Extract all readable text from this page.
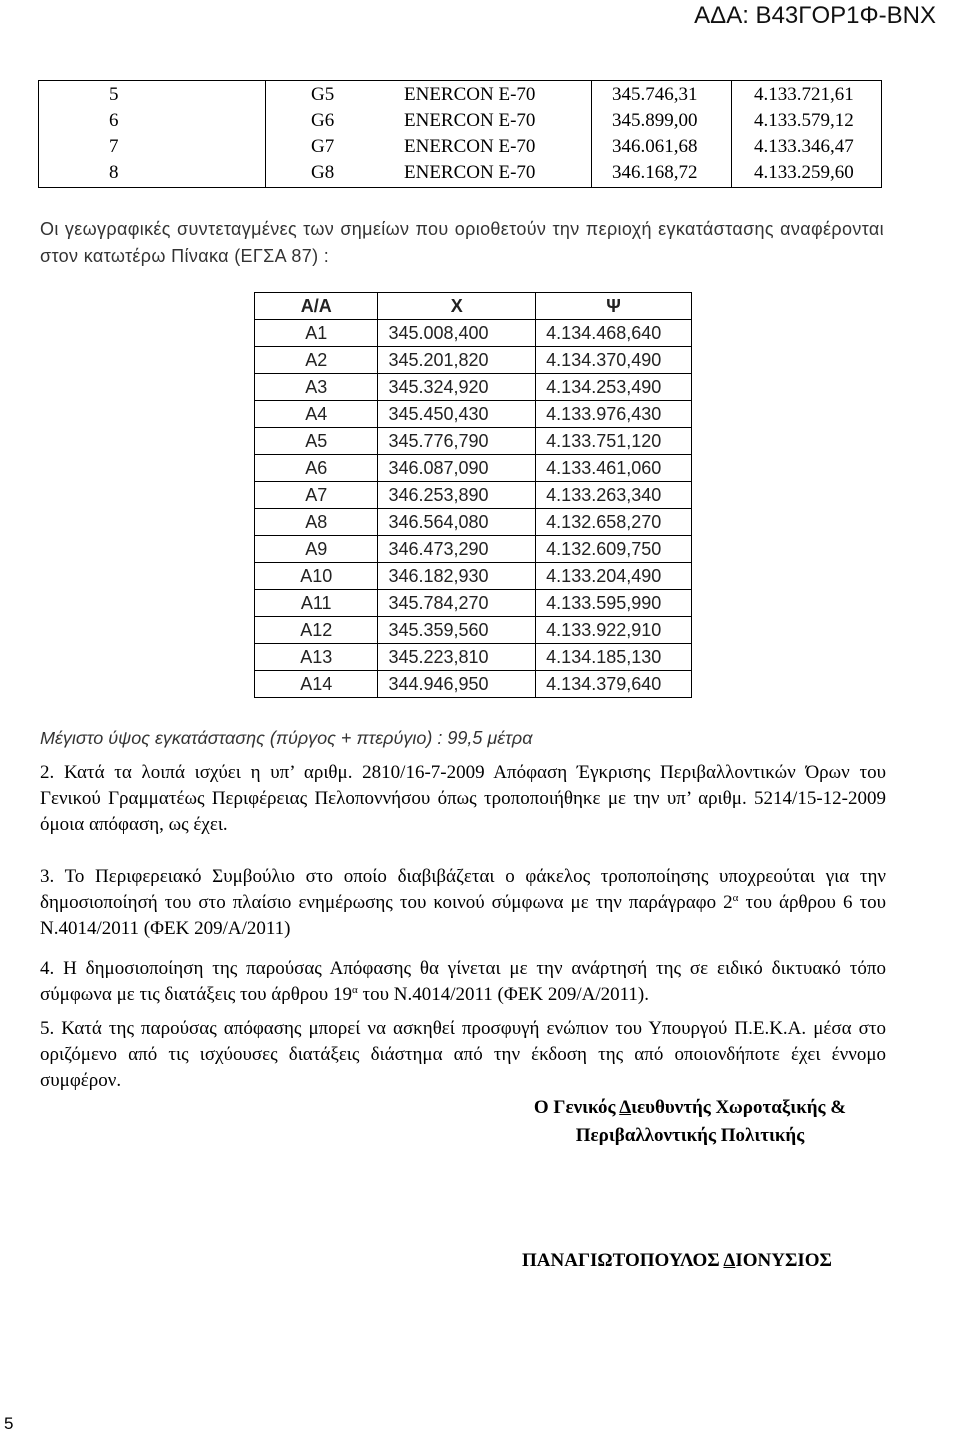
ΑΔΑ: Β43ΓΟΡ1Φ-ΒΝΧ
5	G5	ENERCON E-70	345.746,31	4.133.721,61
6	G6	ENERCON E-70	345.899,00	4.133.579,12
7	G7	ENERCON E-70	346.061,68	4.133.346,47
8	G8	ENERCON E-70	346.168,72	4.133.259,60
Οι γεωγραφικές συντεταγμένες των σημείων που οριοθετούν την περιοχή εγκατάστασης αναφέρονται στον κατωτέρω Πίνακα (ΕΓΣΑ 87) :
Α/Α	Χ	Ψ
Α1	345.008,400	4.134.468,640
Α2	345.201,820	4.134.370,490
Α3	345.324,920	4.134.253,490
Α4	345.450,430	4.133.976,430
Α5	345.776,790	4.133.751,120
Α6	346.087,090	4.133.461,060
Α7	346.253,890	4.133.263,340
Α8	346.564,080	4.132.658,270
Α9	346.473,290	4.132.609,750
Α10	346.182,930	4.133.204,490
Α11	345.784,270	4.133.595,990
Α12	345.359,560	4.133.922,910
Α13	345.223,810	4.134.185,130
Α14	344.946,950	4.134.379,640
Μέγιστο ύψος εγκατάστασης (πύργος + πτερύγιο) : 99,5 μέτρα
2. Κατά τα λοιπά ισχύει η υπ’ αριθμ. 2810/16-7-2009 Απόφαση Έγκρισης Περιβαλλοντικών Όρων του Γενικού Γραμματέως Περιφέρειας Πελοποννήσου όπως τροποποιήθηκε με την υπ’ αριθμ. 5214/15-12-2009 όμοια απόφαση, ως έχει.
3. Το Περιφερειακό Συμβούλιο στο οποίο διαβιβάζεται ο φάκελος τροποποίησης υποχρεούται για την δημοσιοποίησή του στο πλαίσιο ενημέρωσης του κοινού σύμφωνα με την παράγραφο $2^\alpha$ του άρθρου 6 του Ν.4014/2011 (ΦΕΚ 209/Α/2011)
4. Η δημοσιοποίηση της παρούσας Απόφασης θα γίνεται με την ανάρτησή της σε ειδικό δικτυακό τόπο σύμφωνα με τις διατάξεις του άρθρου $19^\alpha$ του Ν.4014/2011 (ΦΕΚ 209/Α/2011).
5. Κατά της παρούσας απόφασης μπορεί να ασκηθεί προσφυγή ενώπιον του Υπουργού Π.Ε.Κ.Α. μέσα στο οριζόμενο από τις ισχύουσες διατάξεις διάστημα από την έκδοση της από οποιονδήποτε έχει έννομο συμφέρον.
Ο Γενικός Διευθυντής Χωροταξικής &
Περιβαλλοντικής Πολιτικής
ΠΑΝΑΓΙΩΤΟΠΟΥΛΟΣ ΔΙΟΝΥΣΙΟΣ
5
